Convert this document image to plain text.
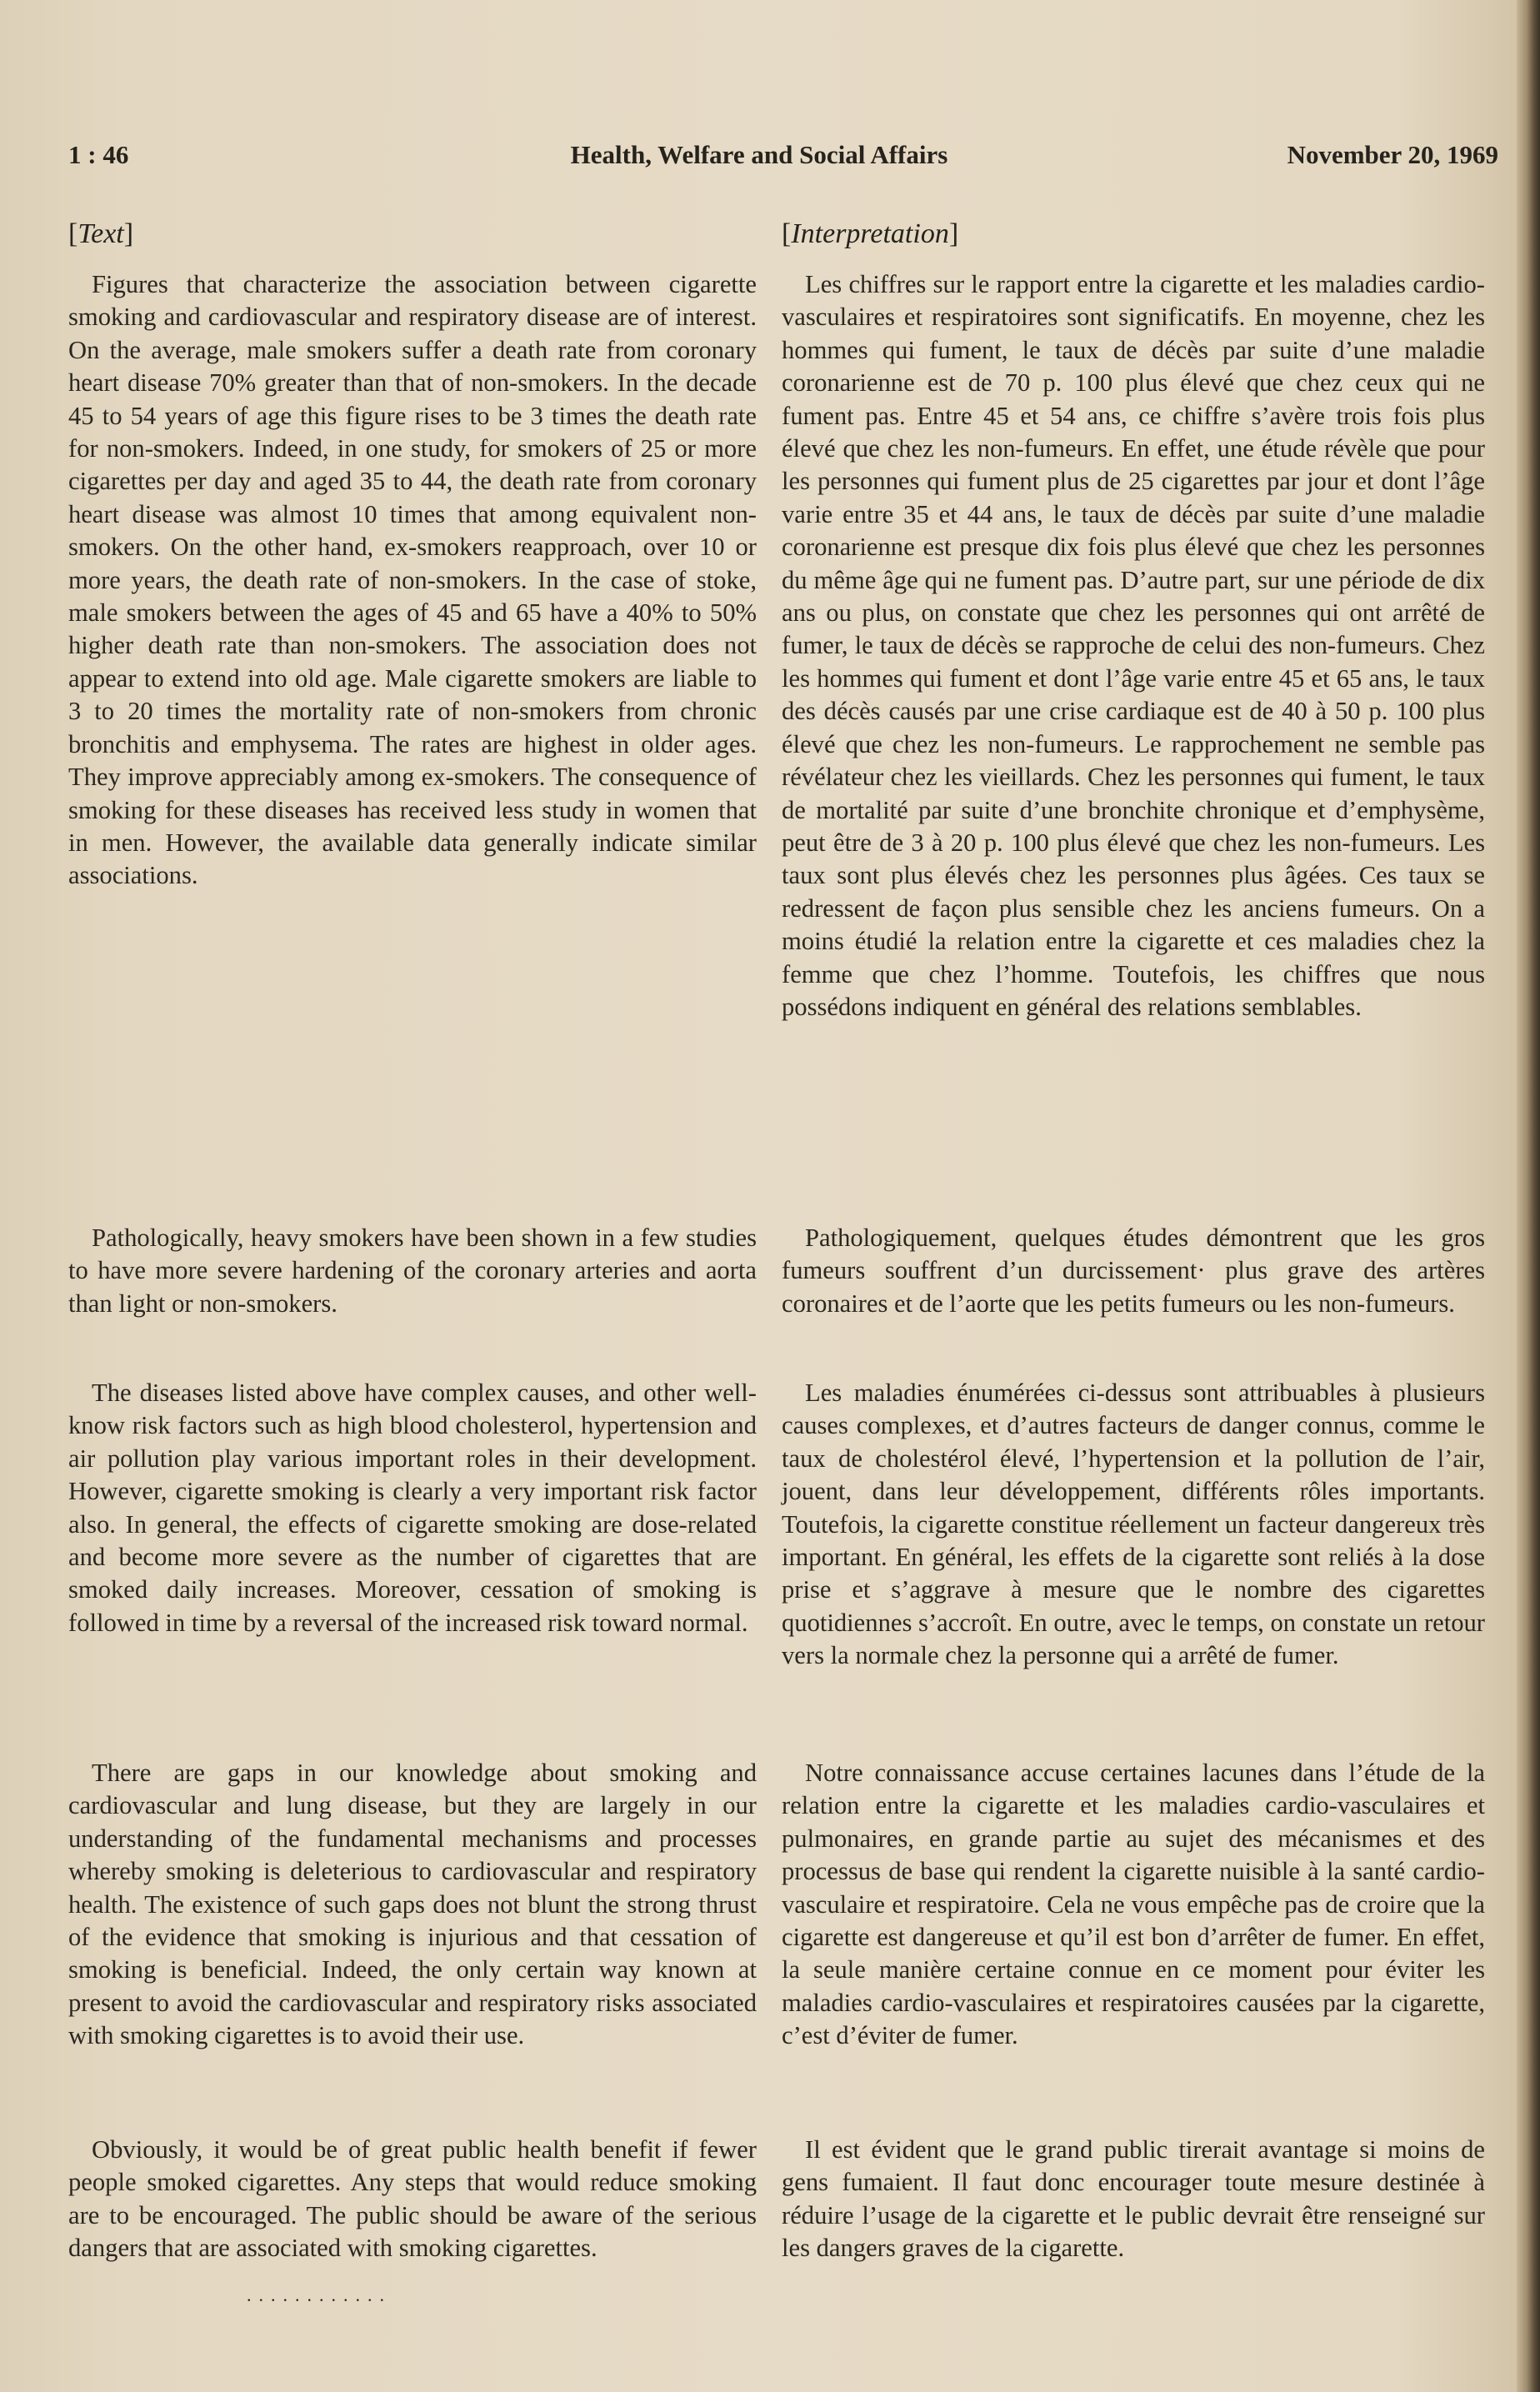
1 : 46	Health, Welfare and Social Affairs	November 20, 1969
[Text]	[Interpretation]

Figures that characterize the association between cigarette smoking and cardiovascular and respiratory disease are of interest. On the average, male smokers suffer a death rate from coronary heart disease 70% greater than that of non-smokers. In the decade 45 to 54 years of age this figure rises to be 3 times the death rate for non-smokers. Indeed, in one study, for smokers of 25 or more cigarettes per day and aged 35 to 44, the death rate from coronary heart disease was almost 10 times that among equivalent non-smokers. On the other hand, ex-smokers reapproach, over 10 or more years, the death rate of non-smokers. In the case of stoke, male smokers between the ages of 45 and 65 have a 40% to 50% higher death rate than non-smokers. The association does not appear to extend into old age. Male cigarette smokers are liable to 3 to 20 times the mortality rate of non-smokers from chronic bronchitis and emphysema. The rates are highest in older ages. They improve appreciably among ex-smokers. The consequence of smoking for these diseases has received less study in women that in men. However, the available data generally indicate similar associations.

Pathologically, heavy smokers have been shown in a few studies to have more severe hardening of the coronary arteries and aorta than light or non-smokers.

The diseases listed above have complex causes, and other well-know risk factors such as high blood cholesterol, hypertension and air pollution play various important roles in their development. However, cigarette smoking is clearly a very important risk factor also. In general, the effects of cigarette smoking are dose-related and become more severe as the number of cigarettes that are smoked daily increases. Moreover, cessation of smoking is followed in time by a reversal of the increased risk toward normal.

There are gaps in our knowledge about smoking and cardiovascular and lung disease, but they are largely in our understanding of the fundamental mechanisms and processes whereby smoking is deleterious to cardiovascular and respiratory health. The existence of such gaps does not blunt the strong thrust of the evidence that smoking is injurious and that cessation of smoking is beneficial. Indeed, the only certain way known at present to avoid the cardiovascular and respiratory risks associated with smoking cigarettes is to avoid their use.

Obviously, it would be of great public health benefit if fewer people smoked cigarettes. Any steps that would reduce smoking are to be encouraged. The public should be aware of the serious dangers that are associated with smoking cigarettes.

............

Les chiffres sur le rapport entre la cigarette et les maladies cardio-vasculaires et respiratoires sont significatifs. En moyenne, chez les hommes qui fument, le taux de décès par suite d’une maladie coronarienne est de 70 p. 100 plus élevé que chez ceux qui ne fument pas. Entre 45 et 54 ans, ce chiffre s’avère trois fois plus élevé que chez les non-fumeurs. En effet, une étude révèle que pour les personnes qui fument plus de 25 cigarettes par jour et dont l’âge varie entre 35 et 44 ans, le taux de décès par suite d’une maladie coronarienne est presque dix fois plus élevé que chez les personnes du même âge qui ne fument pas. D’autre part, sur une période de dix ans ou plus, on constate que chez les personnes qui ont arrêté de fumer, le taux de décès se rapproche de celui des non-fumeurs. Chez les hommes qui fument et dont l’âge varie entre 45 et 65 ans, le taux des décès causés par une crise cardiaque est de 40 à 50 p. 100 plus élevé que chez les non-fumeurs. Le rapprochement ne semble pas révélateur chez les vieillards. Chez les personnes qui fument, le taux de mortalité par suite d’une bronchite chronique et d’emphysème, peut être de 3 à 20 p. 100 plus élevé que chez les non-fumeurs. Les taux sont plus élevés chez les personnes plus âgées. Ces taux se redressent de façon plus sensible chez les anciens fumeurs. On a moins étudié la relation entre la cigarette et ces maladies chez la femme que chez l’homme. Toutefois, les chiffres que nous possédons indiquent en général des relations semblables.

Pathologiquement, quelques études démontrent que les gros fumeurs souffrent d’un durcissement· plus grave des artères coronaires et de l’aorte que les petits fumeurs ou les non-fumeurs.

Les maladies énumérées ci-dessus sont attribuables à plusieurs causes complexes, et d’autres facteurs de danger connus, comme le taux de cholestérol élevé, l’hypertension et la pollution de l’air, jouent, dans leur développement, différents rôles importants. Toutefois, la cigarette constitue réellement un facteur dangereux très important. En général, les effets de la cigarette sont reliés à la dose prise et s’aggrave à mesure que le nombre des cigarettes quotidiennes s’accroît. En outre, avec le temps, on constate un retour vers la normale chez la personne qui a arrêté de fumer.

Notre connaissance accuse certaines lacunes dans l’étude de la relation entre la cigarette et les maladies cardio-vasculaires et pulmonaires, en grande partie au sujet des mécanismes et des processus de base qui rendent la cigarette nuisible à la santé cardio-vasculaire et respiratoire. Cela ne vous empêche pas de croire que la cigarette est dangereuse et qu’il est bon d’arrêter de fumer. En effet, la seule manière certaine connue en ce moment pour éviter les maladies cardio-vasculaires et respiratoires causées par la cigarette, c’est d’éviter de fumer.

Il est évident que le grand public tirerait avantage si moins de gens fumaient. Il faut donc encourager toute mesure destinée à réduire l’usage de la cigarette et le public devrait être renseigné sur les dangers graves de la cigarette.
